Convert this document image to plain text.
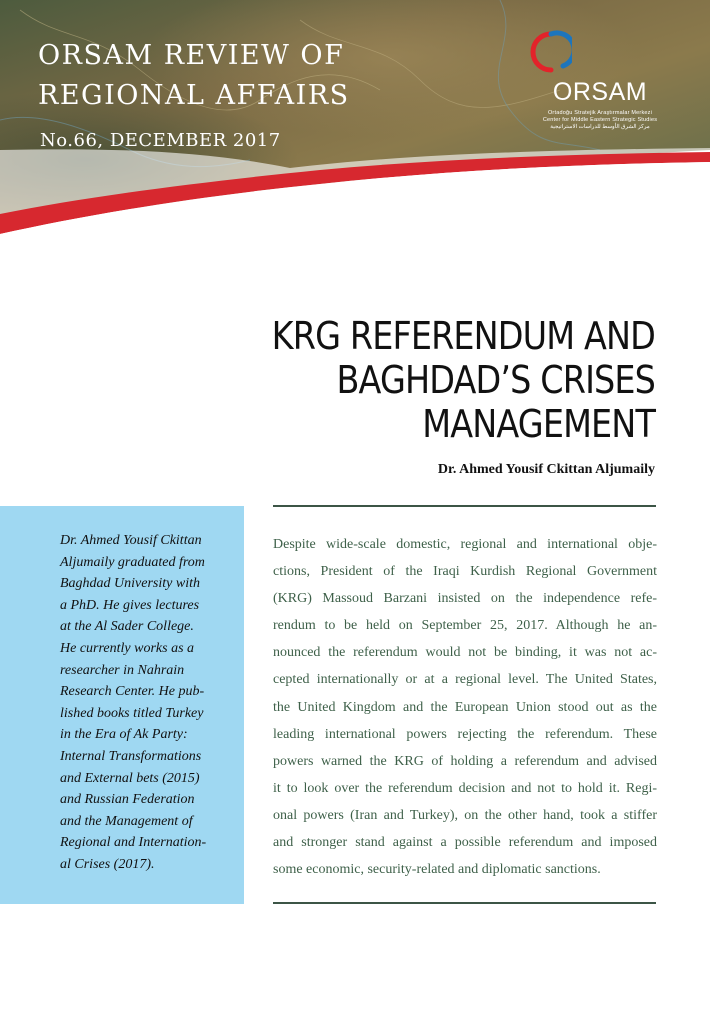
ORSAM REVIEW OF
REGIONAL AFFAIRS
No.66, DECEMBER 2017
ORSAM
Ortadoğu Stratejik Araştırmalar Merkezi
Center for Middle Eastern Strategic Studies
مركز الشرق الأوسط للدراسات الاستراتيجية
KRG REFERENDUM AND
BAGHDAD’S CRISES
MANAGEMENT
Dr. Ahmed Yousif Ckittan Aljumaily
Dr. Ahmed Yousif Ckittan
Aljumaily graduated from
Baghdad University with
a PhD. He gives lectures
at the Al Sader College.
He currently works as a
researcher in Nahrain
Research Center. He pub-
lished books titled Turkey
in the Era of Ak Party:
Internal Transformations
and External bets (2015)
and Russian Federation
and the Management of
Regional and Internation-
al Crises (2017).
Despite wide-scale domestic, regional and international obje-
ctions, President of the Iraqi Kurdish Regional Government
(KRG) Massoud Barzani insisted on the independence refe-
rendum to be held on September 25, 2017. Although he an-
nounced the referendum would not be binding, it was not ac-
cepted internationally or at a regional level. The United States,
the United Kingdom and the European Union stood out as the
leading international powers rejecting the referendum. These
powers warned the KRG of holding a referendum and advised
it to look over the referendum decision and not to hold it. Regi-
onal powers (Iran and Turkey), on the other hand, took a stiffer
and stronger stand against a possible referendum and imposed
some economic, security-related and diplomatic sanctions.
